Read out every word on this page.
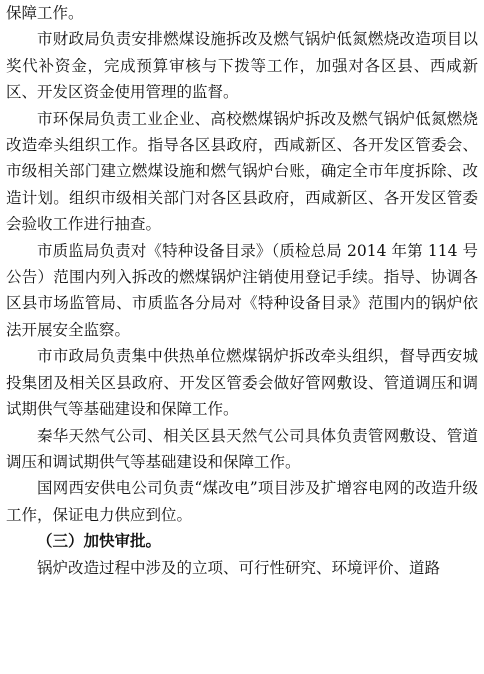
保障工作。

市财政局负责安排燃煤设施拆改及燃气锅炉低氮燃烧改造项目以奖代补资金，完成预算审核与下拨等工作，加强对各区县、西咸新区、开发区资金使用管理的监督。

市环保局负责工业企业、高校燃煤锅炉拆改及燃气锅炉低氮燃烧改造牵头组织工作。指导各区县政府，西咸新区、各开发区管委会、市级相关部门建立燃煤设施和燃气锅炉台账，确定全市年度拆除、改造计划。组织市级相关部门对各区县政府，西咸新区、各开发区管委会验收工作进行抽查。

市质监局负责对《特种设备目录》（质检总局 2014 年第 114 号公告）范围内列入拆改的燃煤锅炉注销使用登记手续。指导、协调各区县市场监管局、市质监各分局对《特种设备目录》范围内的锅炉依法开展安全监察。

市市政局负责集中供热单位燃煤锅炉拆改牵头组织，督导西安城投集团及相关区县政府、开发区管委会做好管网敷设、管道调压和调试期供气等基础建设和保障工作。

秦华天然气公司、相关区县天然气公司具体负责管网敷设、管道调压和调试期供气等基础建设和保障工作。

国网西安供电公司负责“煤改电”项目涉及扩增容电网的改造升级工作，保证电力供应到位。

（三）加快审批。

锅炉改造过程中涉及的立项、可行性研究、环境评价、道路
